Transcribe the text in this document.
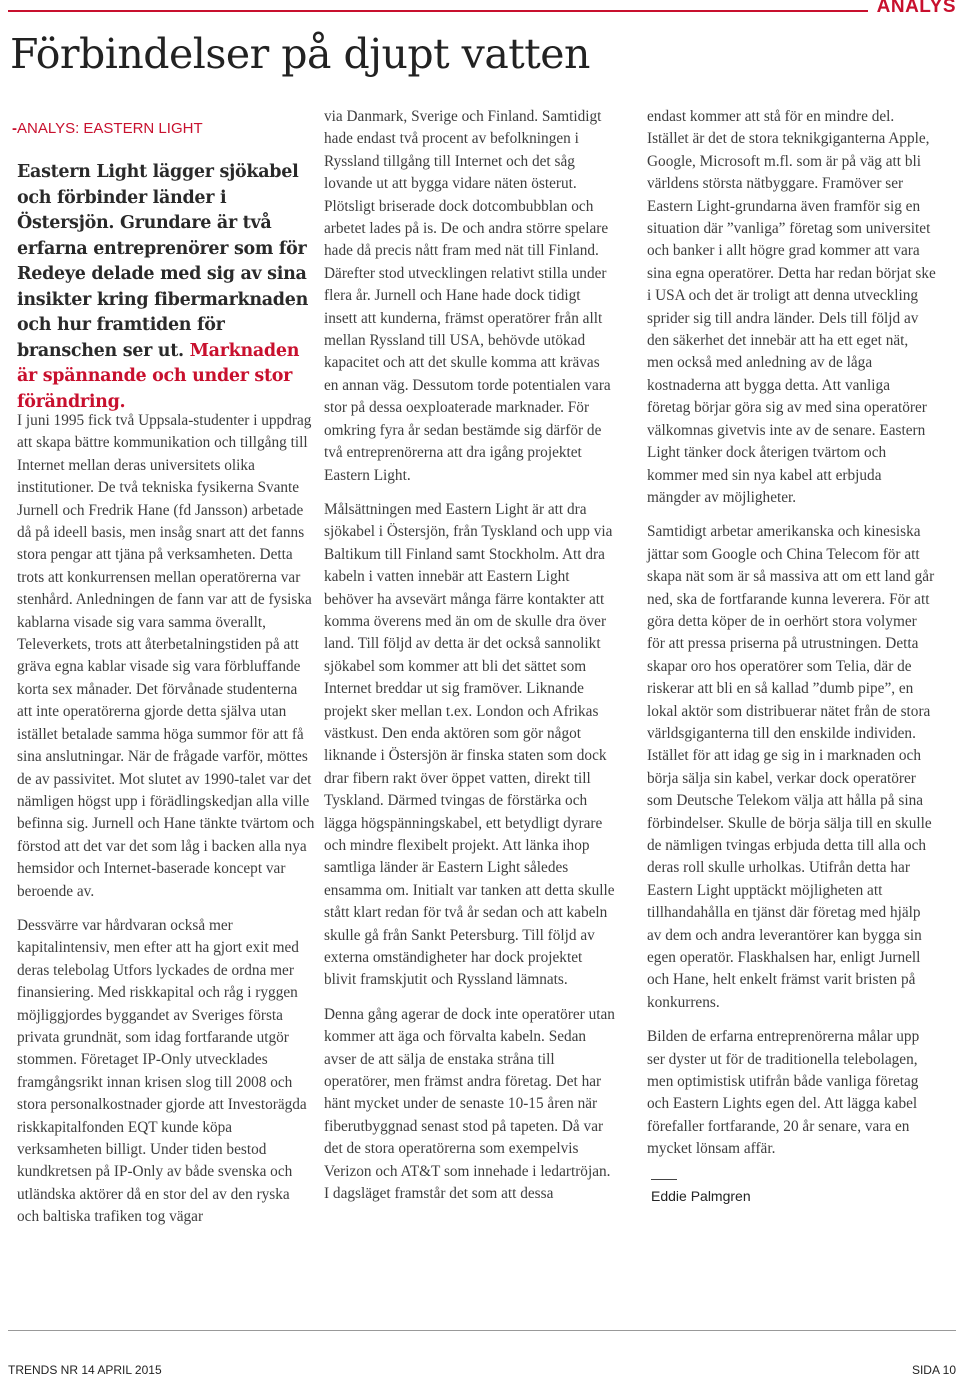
ANALYS
Förbindelser på djupt vatten
-ANALYS: EASTERN LIGHT
Eastern Light lägger sjökabel och förbinder länder i Östersjön. Grundare är två erfarna entreprenörer som för Redeye delade med sig av sina insikter kring fibermarknaden och hur framtiden för branschen ser ut. Marknaden är spännande och under stor förändring.

I juni 1995 fick två Uppsala-studenter i uppdrag att skapa bättre kommunikation och tillgång till Internet mellan deras universitets olika institutioner. De två tekniska fysikerna Svante Jurnell och Fredrik Hane (fd Jansson) arbetade då på ideell basis, men insåg snart att det fanns stora pengar att tjäna på verksamheten. Detta trots att konkurrensen mellan operatörerna var stenhård. Anledningen de fann var att de fysiska kablarna visade sig vara samma överallt, Televerkets, trots att återbetalningstiden på att gräva egna kablar visade sig vara förbluffande korta sex månader. Det förvånade studenterna att inte operatörerna gjorde detta själva utan istället betalade samma höga summor för att få sina anslutningar. När de frågade varför, möttes de av passivitet. Mot slutet av 1990-talet var det nämligen högst upp i förädlingskedjan alla ville befinna sig. Jurnell och Hane tänkte tvärtom och förstod att det var det som låg i backen alla nya hemsidor och Internet-baserade koncept var beroende av.

Dessvärre var hårdvaran också mer kapitalintensiv, men efter att ha gjort exit med deras telebolag Utfors lyckades de ordna mer finansiering. Med riskkapital och råg i ryggen möjliggjordes byggandet av Sveriges första privata grundnät, som idag fortfarande utgör stommen. Företaget IP-Only utvecklades framgångsrikt innan krisen slog till 2008 och stora personalkostnader gjorde att Investorägda riskkapitalfonden EQT kunde köpa verksamheten billigt. Under tiden bestod kundkretsen på IP-Only av både svenska och utländska aktörer då en stor del av den ryska och baltiska trafiken tog vägar

via Danmark, Sverige och Finland. Samtidigt hade endast två procent av befolkningen i Ryssland tillgång till Internet och det såg lovande ut att bygga vidare näten österut. Plötsligt briserade dock dotcombubblan och arbetet lades på is. De och andra större spelare hade då precis nått fram med nät till Finland. Därefter stod utvecklingen relativt stilla under flera år. Jurnell och Hane hade dock tidigt insett att kunderna, främst operatörer från allt mellan Ryssland till USA, behövde utökad kapacitet och att det skulle komma att krävas en annan väg. Dessutom torde potentialen vara stor på dessa oexploaterade marknader. För omkring fyra år sedan bestämde sig därför de två entreprenörerna att dra igång projektet Eastern Light.

Målsättningen med Eastern Light är att dra sjökabel i Östersjön, från Tyskland och upp via Baltikum till Finland samt Stockholm. Att dra kabeln i vatten innebär att Eastern Light behöver ha avsevärt många färre kontakter att komma överens med än om de skulle dra över land. Till följd av detta är det också sannolikt sjökabel som kommer att bli det sättet som Internet breddar ut sig framöver. Liknande projekt sker mellan t.ex. London och Afrikas västkust. Den enda aktören som gör något liknande i Östersjön är finska staten som dock drar fibern rakt över öppet vatten, direkt till Tyskland. Därmed tvingas de förstärka och lägga högspänningskabel, ett betydligt dyrare och mindre flexibelt projekt. Att länka ihop samtliga länder är Eastern Light således ensamma om. Initialt var tanken att detta skulle stått klart redan för två år sedan och att kabeln skulle gå från Sankt Petersburg. Till följd av externa omständigheter har dock projektet blivit framskjutit och Ryssland lämnats.

Denna gång agerar de dock inte operatörer utan kommer att äga och förvalta kabeln. Sedan avser de att sälja de enstaka stråna till operatörer, men främst andra företag. Det har hänt mycket under de senaste 10-15 åren när fiberutbyggnad senast stod på tapeten. Då var det de stora operatörerna som exempelvis Verizon och AT&T som innehade i ledartröjan. I dagsläget framstår det som att dessa

endast kommer att stå för en mindre del. Istället är det de stora teknikgiganterna Apple, Google, Microsoft m.fl. som är på väg att bli världens största nätbyggare. Framöver ser Eastern Light-grundarna även framför sig en situation där ”vanliga” företag som universitet och banker i allt högre grad kommer att vara sina egna operatörer. Detta har redan börjat ske i USA och det är troligt att denna utveckling sprider sig till andra länder. Dels till följd av den säkerhet det innebär att ha ett eget nät, men också med anledning av de låga kostnaderna att bygga detta. Att vanliga företag börjar göra sig av med sina operatörer välkomnas givetvis inte av de senare. Eastern Light tänker dock återigen tvärtom och kommer med sin nya kabel att erbjuda mängder av möjligheter.

Samtidigt arbetar amerikanska och kinesiska jättar som Google och China Telecom för att skapa nät som är så massiva att om ett land går ned, ska de fortfarande kunna leverera. För att göra detta köper de in oerhört stora volymer för att pressa priserna på utrustningen. Detta skapar oro hos operatörer som Telia, där de riskerar att bli en så kallad ”dumb pipe”, en lokal aktör som distribuerar nätet från de stora världsgiganterna till den enskilde individen. Istället för att idag ge sig in i marknaden och börja sälja sin kabel, verkar dock operatörer som Deutsche Telekom välja att hålla på sina förbindelser. Skulle de börja sälja till en skulle de nämligen tvingas erbjuda detta till alla och deras roll skulle urholkas. Utifrån detta har Eastern Light upptäckt möjligheten att tillhandahålla en tjänst där företag med hjälp av dem och andra leverantörer kan bygga sin egen operatör. Flaskhalsen har, enligt Jurnell och Hane, helt enkelt främst varit bristen på konkurrens.

Bilden de erfarna entreprenörerna målar upp ser dyster ut för de traditionella telebolagen, men optimistisk utifrån både vanliga företag och Eastern Lights egen del. Att lägga kabel förefaller fortfarande, 20 år senare, vara en mycket lönsam affär.

Eddie Palmgren
TRENDS NR 14 APRIL 2015	SIDA 10
